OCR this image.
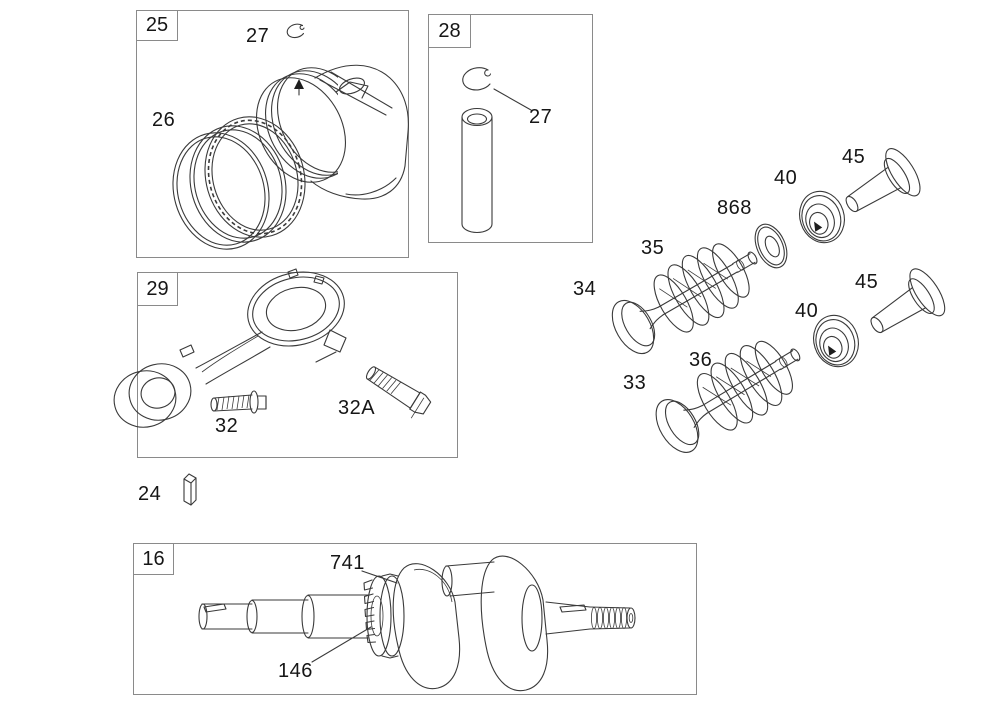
25	28
29
16
27
26	27
32
32A
24
741
146
34
35
868
40
45
33
36
40
45
